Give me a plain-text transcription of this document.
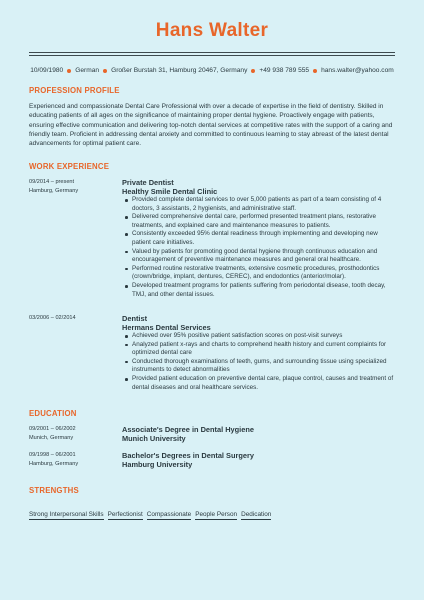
Hans Walter
10/09/1980 German Großer Burstah 31, Hamburg 20467, Germany +49 938 789 555 hans.walter@yahoo.com
PROFESSION PROFILE
Experienced and compassionate Dental Care Professional with over a decade of expertise in the field of dentistry. Skilled in educating patients of all ages on the significance of maintaining proper dental hygiene. Proactively engage with patients, ensuring effective communication and delivering top-notch dental services at competitive rates with the support of a caring and friendly team. Proficient in addressing dental anxiety and committed to continuous learning to stay abreast of the latest dental advancements for optimal patient care.
WORK EXPERIENCE
09/2014 – present
Hamburg, Germany
Private Dentist
Healthy Smile Dental Clinic
Provided complete dental services to over 5,000 patients as part of a team consisting of 4 doctors, 3 assistants, 2 hygienists, and administrative staff.
Delivered comprehensive dental care, performed presented treatment plans, restorative treatments, and explained care and maintenance measures to patients.
Consistently exceeded 95% dental readiness through implementing and developing new patient care initiatives.
Valued by patients for promoting good dental hygiene through continuous education and encouragement of preventive maintenance measures and general oral healthcare.
Performed routine restorative treatments, extensive cosmetic procedures, prosthodontics (crown/bridge, implant, dentures, CEREC), and endodontics (anterior/molar).
Developed treatment programs for patients suffering from periodontal disease, tooth decay, TMJ, and other dental issues.
03/2006 – 02/2014	Dentist
Hermans Dental Services
Achieved over 95% positive patient satisfaction scores on post-visit surveys
Analyzed patient x-rays and charts to comprehend health history and current complaints for optimized dental care
Conducted thorough examinations of teeth, gums, and surrounding tissue using specialized instruments to detect abnormalities
Provided patient education on preventive dental care, plaque control, causes and treatment of dental diseases and oral healthcare services.
EDUCATION
09/2001 – 06/2002
Munich, Germany
Associate's Degree in Dental Hygiene
Munich University
09/1998 – 06/2001
Hamburg, Germany
Bachelor's Degrees in Dental Surgery
Hamburg University
STRENGTHS
Strong Interpersonal Skills Perfectionist Compassionate People Person Dedication
